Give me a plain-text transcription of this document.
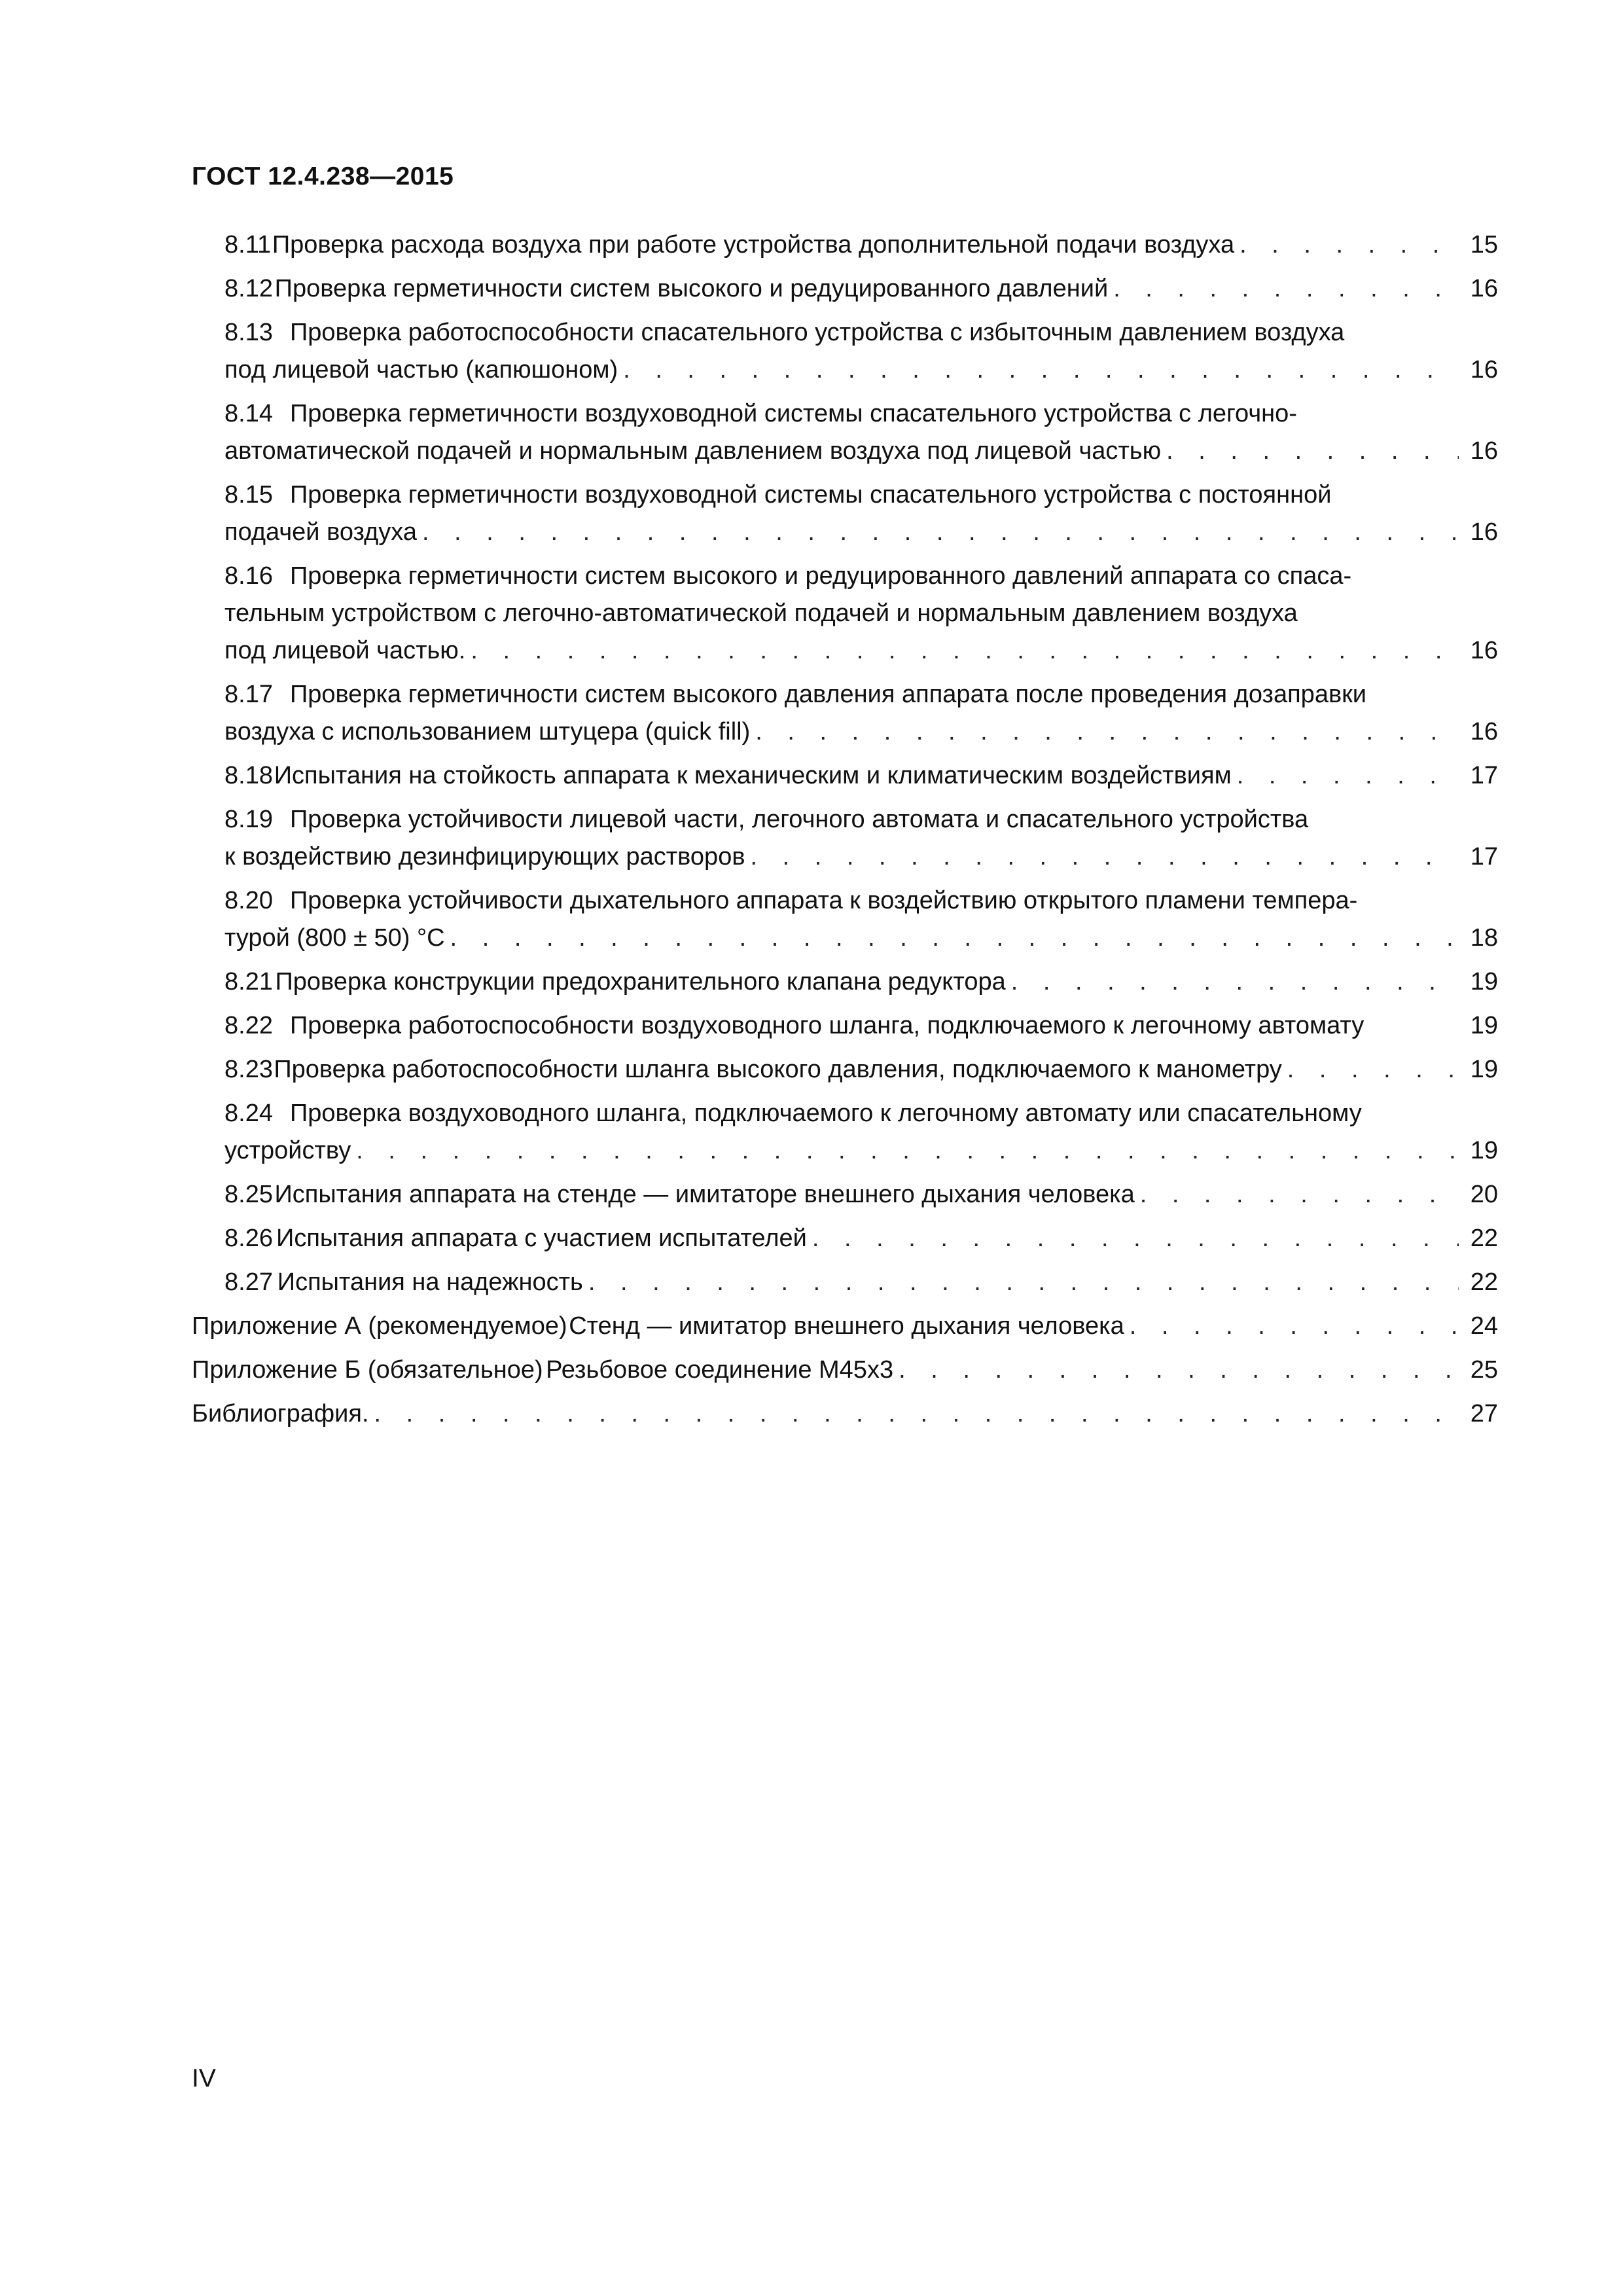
ГОСТ 12.4.238—2015
8.11 Проверка расхода воздуха при работе устройства дополнительной подачи воздуха . . .	15
8.12 Проверка герметичности систем высокого и редуцированного давлений . . .	16
8.13 Проверка работоспособности спасательного устройства с избыточным давлением воздуха
под лицевой частью (капюшоном) . . .	16
8.14 Проверка герметичности воздуховодной системы спасательного устройства с легочно-
автоматической подачей и нормальным давлением воздуха под лицевой частью . . .	16
8.15 Проверка герметичности воздуховодной системы спасательного устройства с постоянной
подачей воздуха . . .	16
8.16 Проверка герметичности систем высокого и редуцированного давлений аппарата со спаса-
тельным устройством с легочно-автоматической подачей и нормальным давлением воздуха
под лицевой частью. . . .	16
8.17 Проверка герметичности систем высокого давления аппарата после проведения дозаправки
воздуха с использованием штуцера (quick fill) . . .	16
8.18 Испытания на стойкость аппарата к механическим и климатическим воздействиям . . .	17
8.19 Проверка устойчивости лицевой части, легочного автомата и спасательного устройства
к воздействию дезинфицирующих растворов . . .	17
8.20 Проверка устойчивости дыхательного аппарата к воздействию открытого пламени темпера-
турой (800 ± 50) °С . . .	18
8.21 Проверка конструкции предохранительного клапана редуктора . . .	19
8.22 Проверка работоспособности воздуховодного шланга, подключаемого к легочному автомату	19
8.23 Проверка работоспособности шланга высокого давления, подключаемого к манометру . . .	19
8.24 Проверка воздуховодного шланга, подключаемого к легочному автомату или спасательному
устройству . . .	19
8.25 Испытания аппарата на стенде — имитаторе внешнего дыхания человека . . .	20
8.26 Испытания аппарата с участием испытателей . . .	22
8.27 Испытания на надежность . . .	22
Приложение А (рекомендуемое) Стенд — имитатор внешнего дыхания человека . . .	24
Приложение Б (обязательное) Резьбовое соединение М45х3 . . .	25
Библиография. . . .	27
IV
